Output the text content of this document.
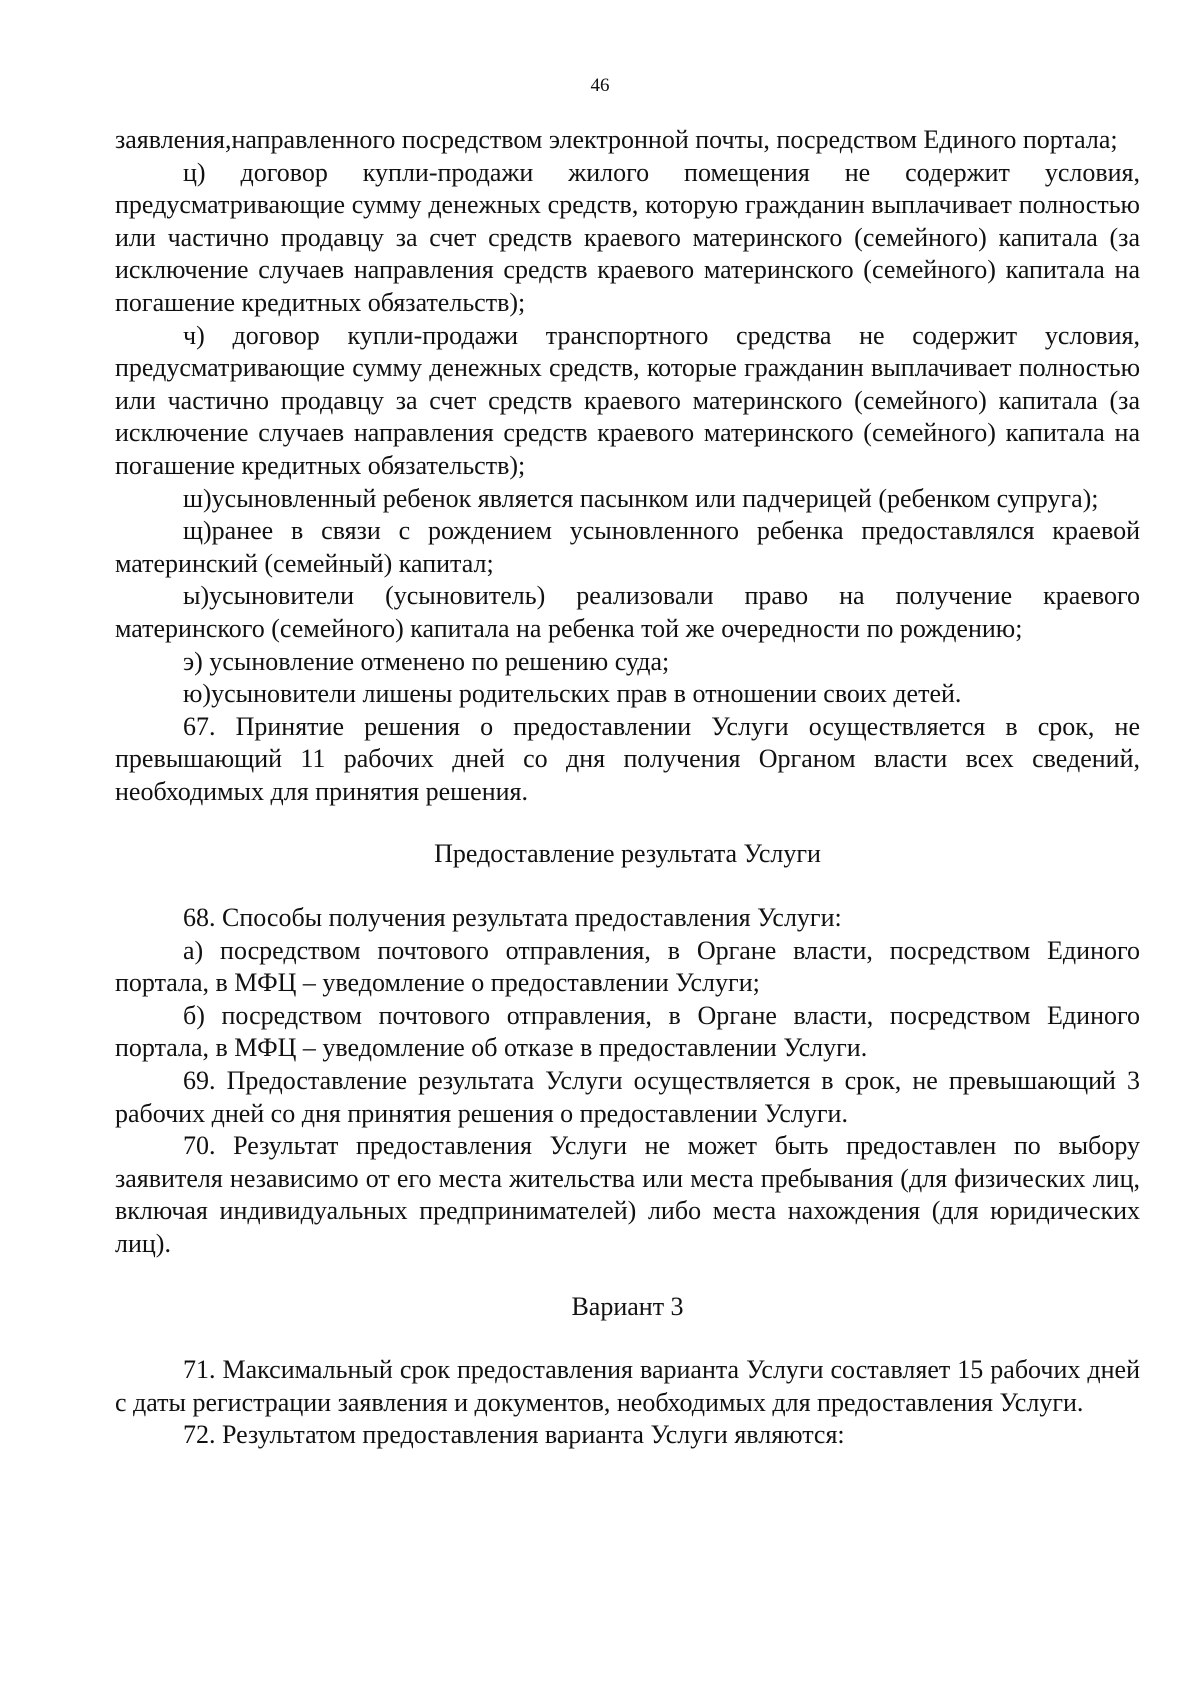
46

заявления,направленного посредством электронной почты, посредством Единого портала;

ц) договор купли-продажи жилого помещения не содержит условия, предусматривающие сумму денежных средств, которую гражданин выплачивает полностью или частично продавцу за счет средств краевого материнского (семейного) капитала (за исключение случаев направления средств краевого материнского (семейного) капитала на погашение кредитных обязательств);

ч) договор купли-продажи транспортного средства не содержит условия, предусматривающие сумму денежных средств, которые гражданин выплачивает полностью или частично продавцу за счет средств краевого материнского (семейного) капитала (за исключение случаев направления средств краевого материнского (семейного) капитала на погашение кредитных обязательств);

ш)усыновленный ребенок является пасынком или падчерицей (ребенком супруга);

щ)ранее в связи с рождением усыновленного ребенка предоставлялся краевой материнский (семейный) капитал;

ы)усыновители (усыновитель) реализовали право на получение краевого материнского (семейного) капитала на ребенка той же очередности по рождению;

э) усыновление отменено по решению суда;

ю)усыновители лишены родительских прав в отношении своих детей.

67. Принятие решения о предоставлении Услуги осуществляется в срок, не превышающий 11 рабочих дней со дня получения Органом власти всех сведений, необходимых для принятия решения.

Предоставление результата Услуги

68. Способы получения результата предоставления Услуги:

а) посредством почтового отправления, в Органе власти, посредством Единого портала, в МФЦ – уведомление о предоставлении Услуги;

б) посредством почтового отправления, в Органе власти, посредством Единого портала, в МФЦ – уведомление об отказе в предоставлении Услуги.

69. Предоставление результата Услуги осуществляется в срок, не превышающий 3 рабочих дней со дня принятия решения о предоставлении Услуги.

70. Результат предоставления Услуги не может быть предоставлен по выбору заявителя независимо от его места жительства или места пребывания (для физических лиц, включая индивидуальных предпринимателей) либо места нахождения (для юридических лиц).

Вариант 3

71. Максимальный срок предоставления варианта Услуги составляет 15 рабочих дней с даты регистрации заявления и документов, необходимых для предоставления Услуги.

72. Результатом предоставления варианта Услуги являются:
